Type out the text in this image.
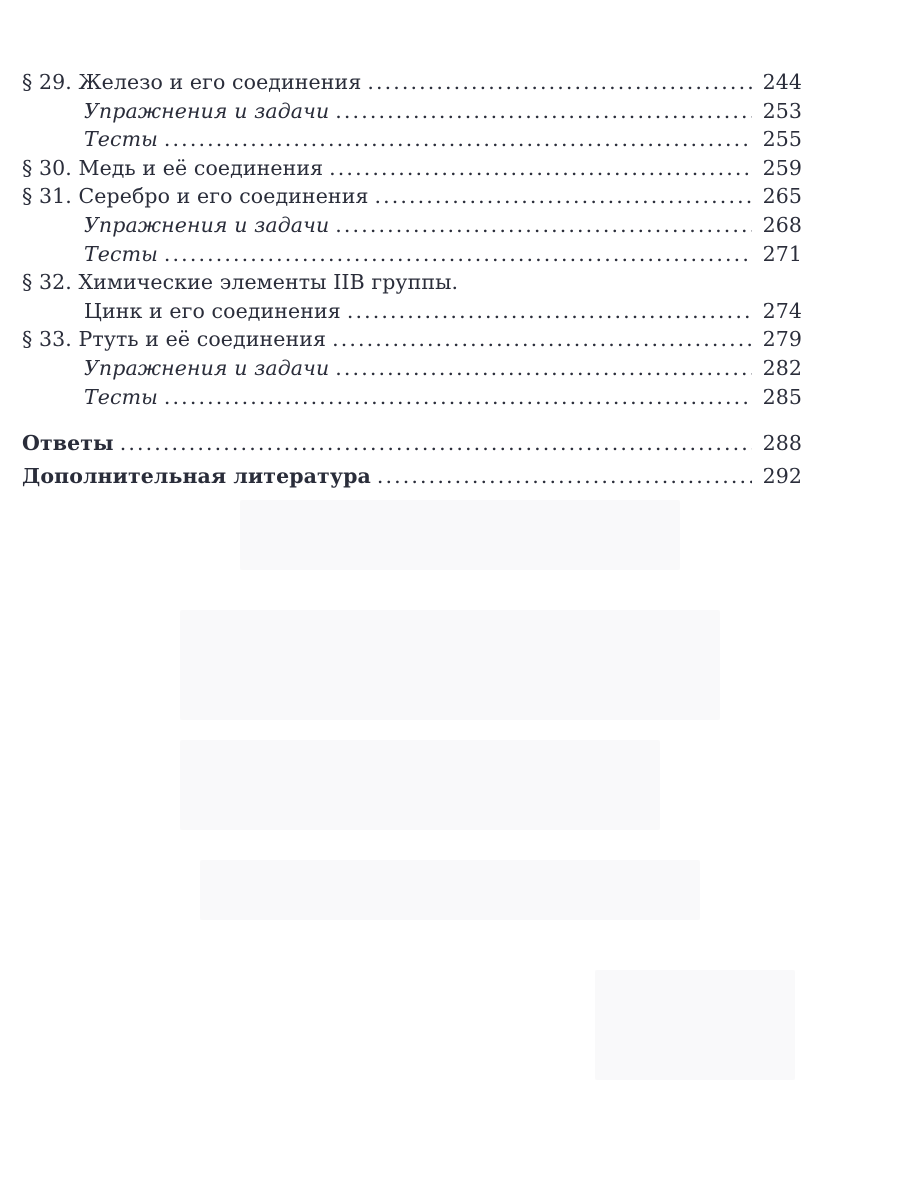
§ 29. Железо и его соединения . . .	244
Упражнения и задачи . . .	253
Тесты . . .	255
§ 30. Медь и её соединения . . .	259
§ 31. Серебро и его соединения . . .	265
Упражнения и задачи . . .	268
Тесты . . .	271
§ 32. Химические элементы IIB группы.
Цинк и его соединения . . .	274
§ 33. Ртуть и её соединения . . .	279
Упражнения и задачи . . .	282
Тесты . . .	285
Ответы . . .	288
Дополнительная литература . . .	292
